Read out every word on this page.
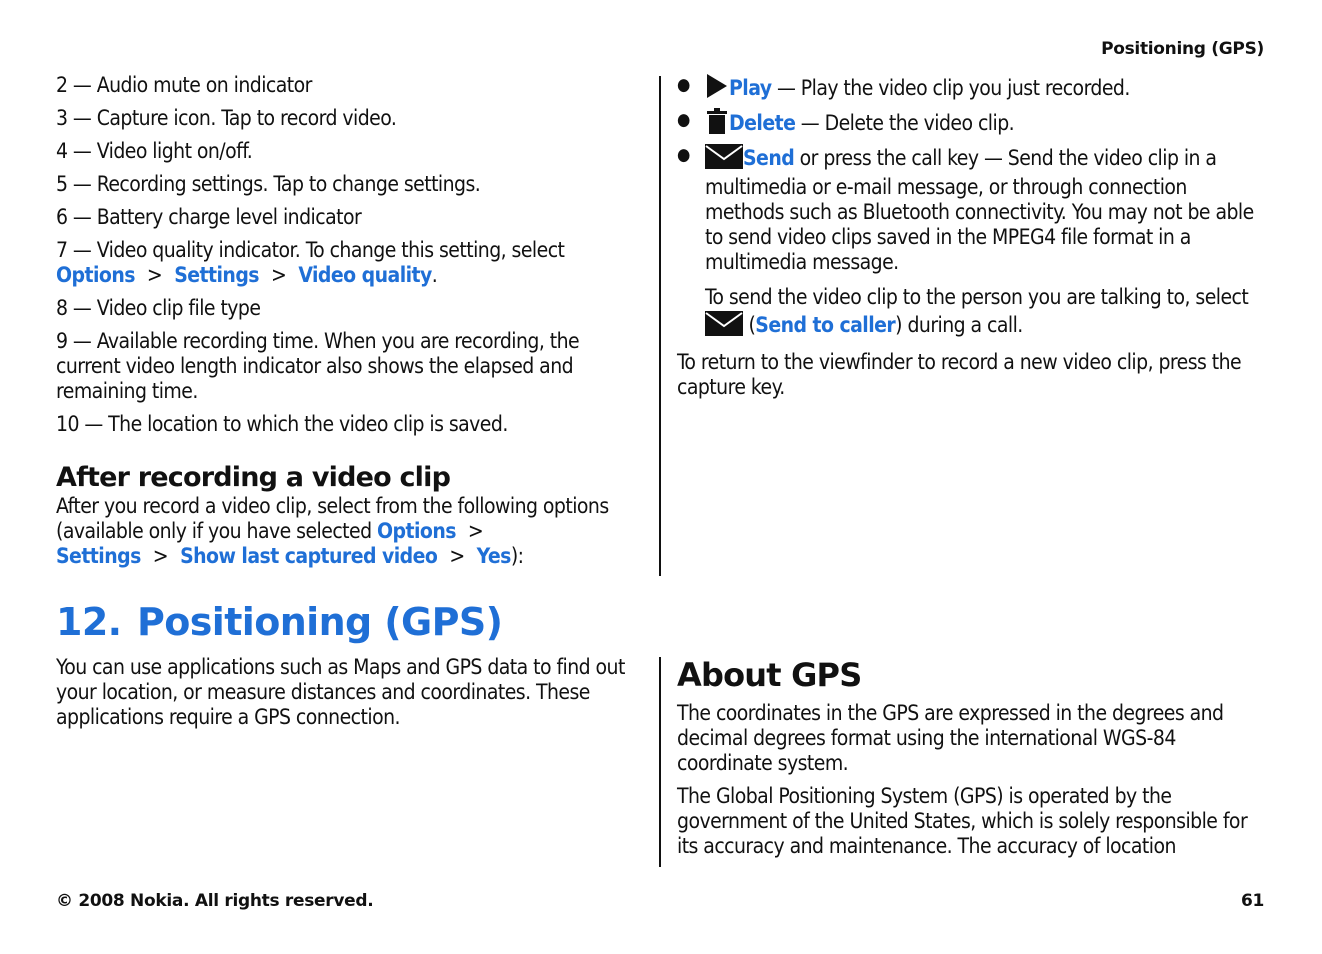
Positioning (GPS)

2 — Audio mute on indicator

3 — Capture icon. Tap to record video.

4 — Video light on/off.

5 — Recording settings. Tap to change settings.

6 — Battery charge level indicator

7 — Video quality indicator. To change this setting, select
Options > Settings > Video quality.

8 — Video clip file type

9 — Available recording time. When you are recording, the current video length indicator also shows the elapsed and remaining time.

10 — The location to which the video clip is saved.

After recording a video clip

After you record a video clip, select from the following options (available only if you have selected Options >
Settings > Show last captured video > Yes):

● Play — Play the video clip you just recorded.
● Delete — Delete the video clip.
● Send or press the call key — Send the video clip in a multimedia or e-mail message, or through connection methods such as Bluetooth connectivity. You may not be able to send video clips saved in the MPEG4 file format in a multimedia message.

To send the video clip to the person you are talking to, select  (Send to caller) during a call.

To return to the viewfinder to record a new video clip, press the capture key.

12. Positioning (GPS)

You can use applications such as Maps and GPS data to find out your location, or measure distances and coordinates. These applications require a GPS connection.

About GPS

The coordinates in the GPS are expressed in the degrees and decimal degrees format using the international WGS-84 coordinate system.

The Global Positioning System (GPS) is operated by the government of the United States, which is solely responsible for its accuracy and maintenance. The accuracy of location

© 2008 Nokia. All rights reserved.	61
